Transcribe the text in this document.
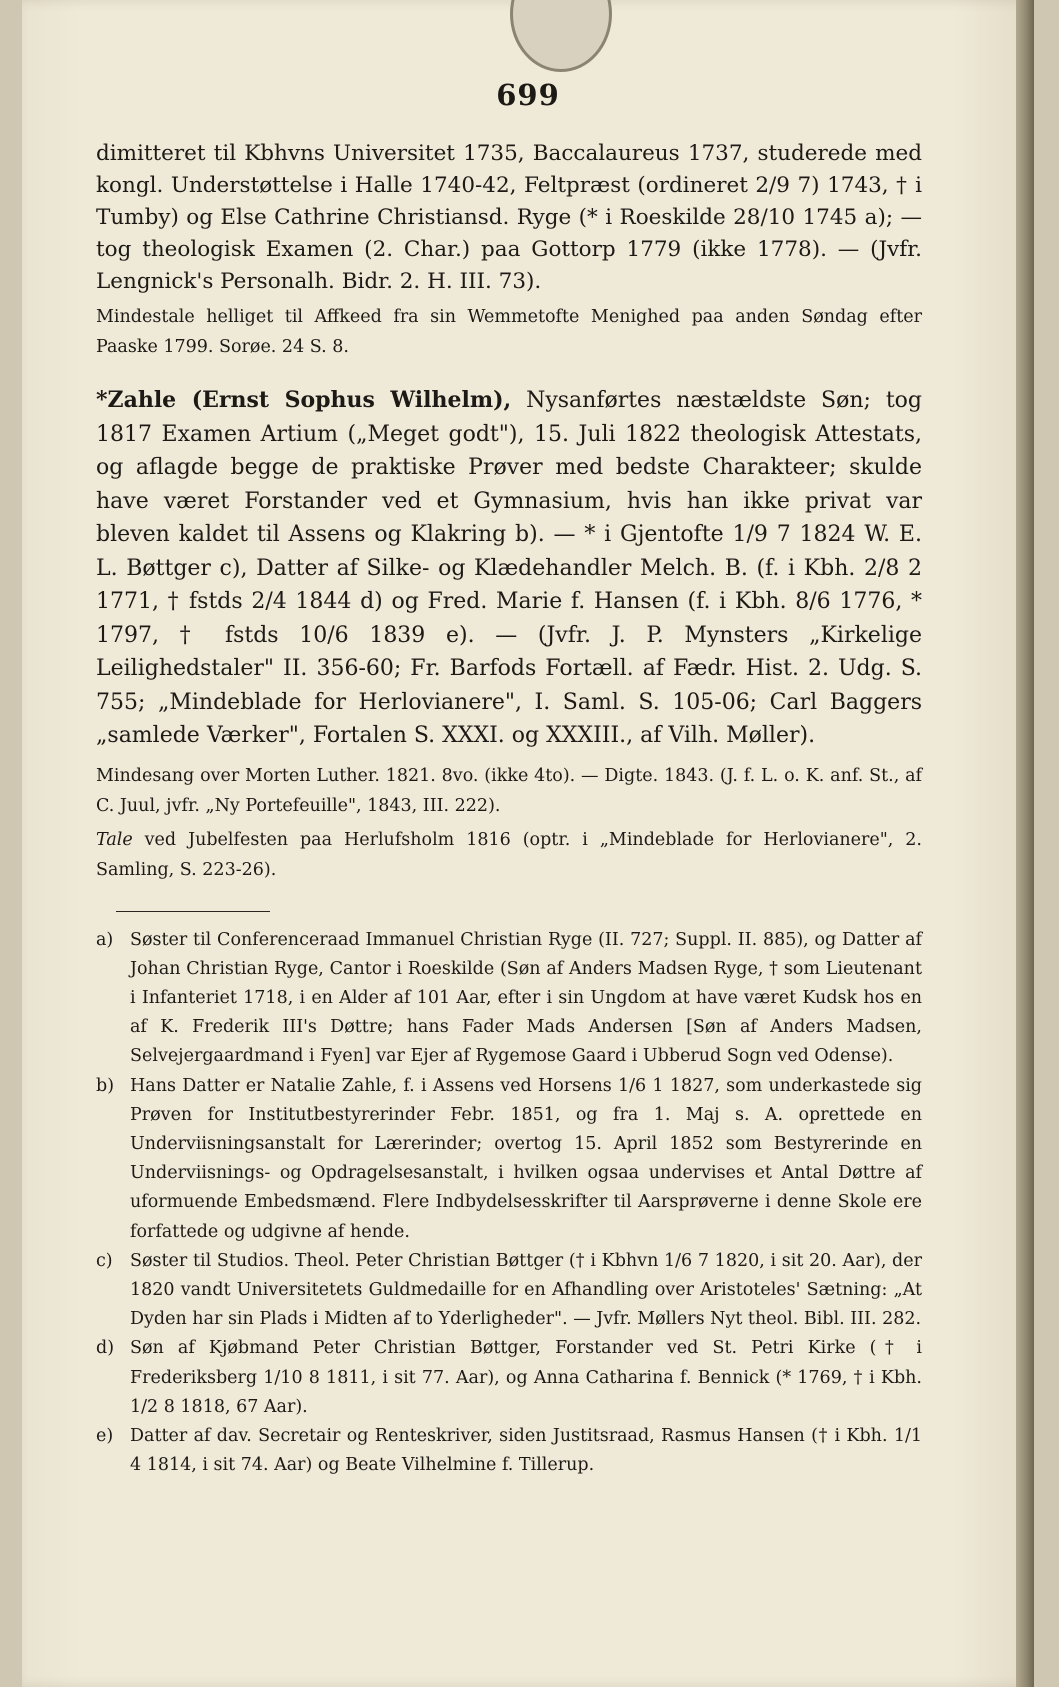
699

dimitteret til Kbhvns Universitet 1735, Baccalaureus 1737, studerede med kongl. Understøttelse i Halle 1740-42, Feltpræst (ordineret 2/9 7) 1743, † i Tumby) og Else Cathrine Christiansd. Ryge (* i Roeskilde 28/10 1745 a); — tog theologisk Examen (2. Char.) paa Gottorp 1779 (ikke 1778). — (Jvfr. Lengnick's Personalh. Bidr. 2. H. III. 73).

Mindestale helliget til Affkeed fra sin Wemmetofte Menighed paa anden Søndag efter Paaske 1799. Sorøe. 24 S. 8.

*Zahle (Ernst Sophus Wilhelm), Nysanførtes næstældste Søn; tog 1817 Examen Artium („Meget godt"), 15. Juli 1822 theologisk Attestats, og aflagde begge de praktiske Prøver med bedste Charakteer; skulde have været Forstander ved et Gymnasium, hvis han ikke privat var bleven kaldet til Assens og Klakring b). — * i Gjentofte 1/9 7 1824 W. E. L. Bøttger c), Datter af Silke- og Klædehandler Melch. B. (f. i Kbh. 2/8 2 1771, † fstds 2/4 1844 d) og Fred. Marie f. Hansen (f. i Kbh. 8/6 1776, * 1797, † fstds 10/6 1839 e). — (Jvfr. J. P. Mynsters „Kirkelige Leilighedstaler" II. 356-60; Fr. Barfods Fortæll. af Fædr. Hist. 2. Udg. S. 755; „Mindeblade for Herlovianere", I. Saml. S. 105-06; Carl Baggers „samlede Værker", Fortalen S. XXXI. og XXXIII., af Vilh. Møller).

Mindesang over Morten Luther. 1821. 8vo. (ikke 4to). — Digte. 1843. (J. f. L. o. K. anf. St., af C. Juul, jvfr. „Ny Portefeuille", 1843, III. 222).

Tale ved Jubelfesten paa Herlufsholm 1816 (optr. i „Mindeblade for Herlovianere", 2. Samling, S. 223-26).

a) Søster til Conferenceraad Immanuel Christian Ryge (II. 727; Suppl. II. 885), og Datter af Johan Christian Ryge, Cantor i Roeskilde (Søn af Anders Madsen Ryge, † som Lieutenant i Infanteriet 1718, i en Alder af 101 Aar, efter i sin Ungdom at have været Kudsk hos en af K. Frederik III's Døttre; hans Fader Mads Andersen [Søn af Anders Madsen, Selvejergaardmand i Fyen] var Ejer af Rygemose Gaard i Ubberud Sogn ved Odense).
b) Hans Datter er Natalie Zahle, f. i Assens ved Horsens 1/6 1 1827, som underkastede sig Prøven for Institutbestyrerinder Febr. 1851, og fra 1. Maj s. A. oprettede en Underviisningsanstalt for Lærerinder; overtog 15. April 1852 som Bestyrerinde en Underviisnings- og Opdragelsesanstalt, i hvilken ogsaa undervises et Antal Døttre af uformuende Embedsmænd. Flere Indbydelsesskrifter til Aarsprøverne i denne Skole ere forfattede og udgivne af hende.
c) Søster til Studios. Theol. Peter Christian Bøttger († i Kbhvn 1/6 7 1820, i sit 20. Aar), der 1820 vandt Universitetets Guldmedaille for en Afhandling over Aristoteles' Sætning: „At Dyden har sin Plads i Midten af to Yderligheder". — Jvfr. Møllers Nyt theol. Bibl. III. 282.
d) Søn af Kjøbmand Peter Christian Bøttger, Forstander ved St. Petri Kirke († i Frederiksberg 1/10 8 1811, i sit 77. Aar), og Anna Catharina f. Bennick (* 1769, † i Kbh. 1/2 8 1818, 67 Aar).
e) Datter af dav. Secretair og Renteskriver, siden Justitsraad, Rasmus Hansen († i Kbh. 1/1 4 1814, i sit 74. Aar) og Beate Vilhelmine f. Tillerup.
